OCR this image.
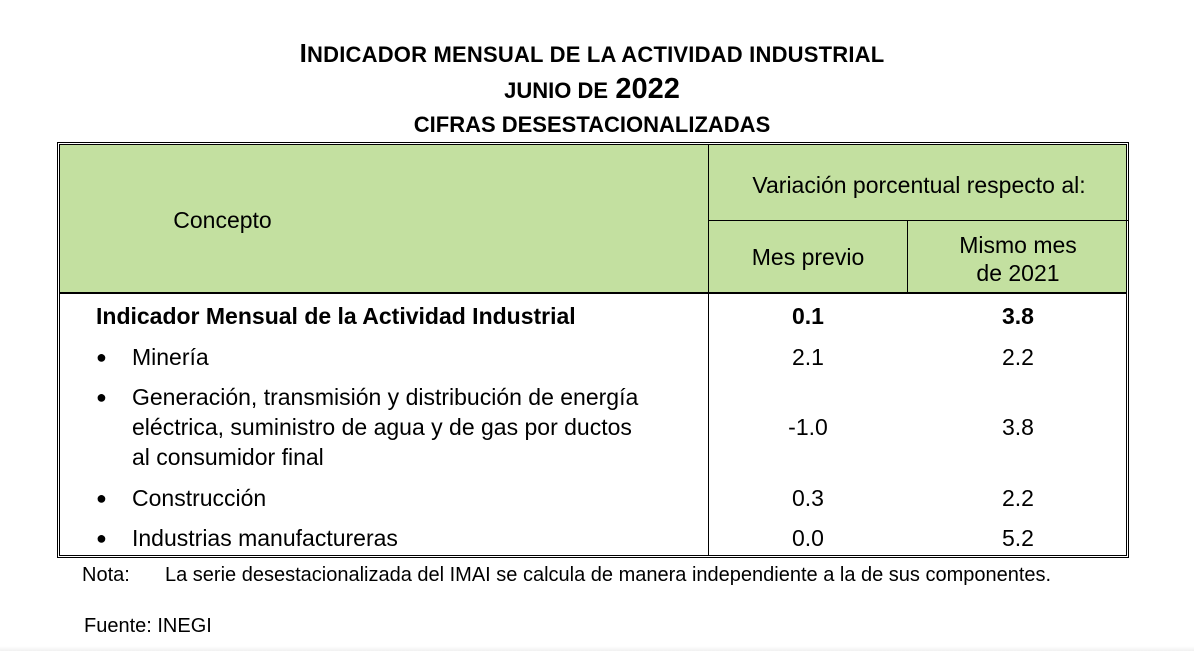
INDICADOR MENSUAL DE LA ACTIVIDAD INDUSTRIAL
JUNIO DE 2022
CIFRAS DESESTACIONALIZADAS
Concepto
Variación porcentual respecto al:
Mes previo	Mismo mes
de 2021
Indicador Mensual de la Actividad Industrial	0.1	3.8
● Minería	2.1	2.2
● Generación, transmisión y distribución de energía
eléctrica, suministro de agua y de gas por ductos
al consumidor final
-1.0	3.8
● Construcción	0.3	2.2
● Industrias manufactureras	0.0	5.2
Nota: La serie desestacionalizada del IMAI se calcula de manera independiente a la de sus componentes.
Fuente: INEGI
